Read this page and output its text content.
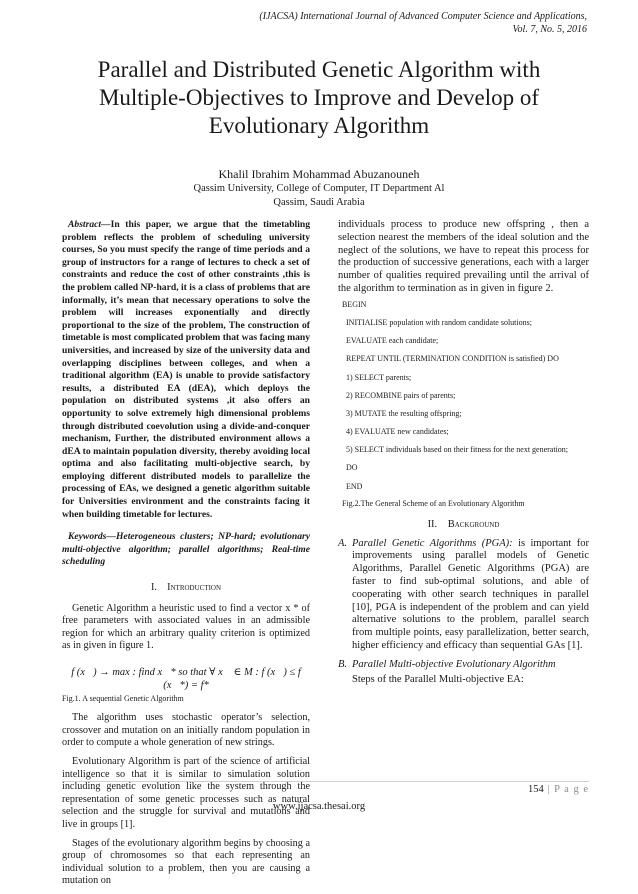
(IJACSA) International Journal of Advanced Computer Science and Applications,
Vol. 7, No. 5, 2016
Parallel and Distributed Genetic Algorithm with
Multiple-Objectives to Improve and Develop of
Evolutionary Algorithm
Khalil Ibrahim Mohammad Abuzanouneh
Qassim University, College of Computer, IT Department Al
Qassim, Saudi Arabia

Abstract—In this paper, we argue that the timetabling problem reflects the problem of scheduling university courses, So you must specify the range of time periods and a group of instructors for a range of lectures to check a set of constraints and reduce the cost of other constraints ,this is the problem called NP-hard, it is a class of problems that are informally, it’s mean that necessary operations to solve the problem will increases exponentially and directly proportional to the size of the problem, The construction of timetable is most complicated problem that was facing many universities, and increased by size of the university data and overlapping disciplines between colleges, and when a traditional algorithm (EA) is unable to provide satisfactory results, a distributed EA (dEA), which deploys the population on distributed systems ,it also offers an opportunity to solve extremely high dimensional problems through distributed coevolution using a divide-and-conquer mechanism, Further, the distributed environment allows a dEA to maintain population diversity, thereby avoiding local optima and also facilitating multi-objective search, by employing different distributed models to parallelize the processing of EAs, we designed a genetic algorithm suitable for Universities environment and the constraints facing it when building timetable for lectures.

Keywords—Heterogeneous clusters; NP-hard; evolutionary multi-objective algorithm; parallel algorithms; Real-time scheduling

I. Introduction

Genetic Algorithm a heuristic used to find a vector x * of free parameters with associated values in an admissible region for which an arbitrary quality criterion is optimized as in given in figure 1.

f (x⃗) → max : find x⃗* so that ∀ x⃗ ∈ M : f (x⃗) ≤ f (x⃗*) = f*
Fig.1. A sequential Genetic Algorithm

The algorithm uses stochastic operator’s selection, crossover and mutation on an initially random population in order to compute a whole generation of new strings.

Evolutionary Algorithm is part of the science of artificial intelligence so that it is similar to simulation solution including genetic evolution like the system through the representation of some genetic processes such as natural selection and the struggle for survival and mutations and live in groups [1].

Stages of the evolutionary algorithm begins by choosing a group of chromosomes so that each representing an individual solution to a problem, then you are causing a mutation on

individuals process to produce new offspring , then a selection nearest the members of the ideal solution and the neglect of the solutions, we have to repeat this process for the production of successive generations, each with a larger number of qualities required prevailing until the arrival of the algorithm to termination as in given in figure 2.

BEGIN
INITIALISE population with random candidate solutions;
EVALUATE each candidate;
REPEAT UNTIL (TERMINATION CONDITION is satisfied) DO
1) SELECT parents;
2) RECOMBINE pairs of parents;
3) MUTATE the resulting offspring;
4) EVALUATE new candidates;
5) SELECT individuals based on their fitness for the next generation;
DO
END
Fig.2.The General Scheme of an Evolutionary Algorithm
II. Background
A. Parallel Genetic Algorithms (PGA): is important for improvements using parallel models of Genetic Algorithms, Parallel Genetic Algorithms (PGA) are faster to find sub-optimal solutions, and able of cooperating with other search techniques in parallel [10], PGA is independent of the problem and can yield alternative solutions to the problem, parallel search from multiple points, easy parallelization, better search, higher efficiency and efficacy than sequential GAs [1].
B. Parallel Multi-objective Evolutionary Algorithm
Steps of the Parallel Multi-objective EA:
154 | P a g e
www.ijacsa.thesai.org
